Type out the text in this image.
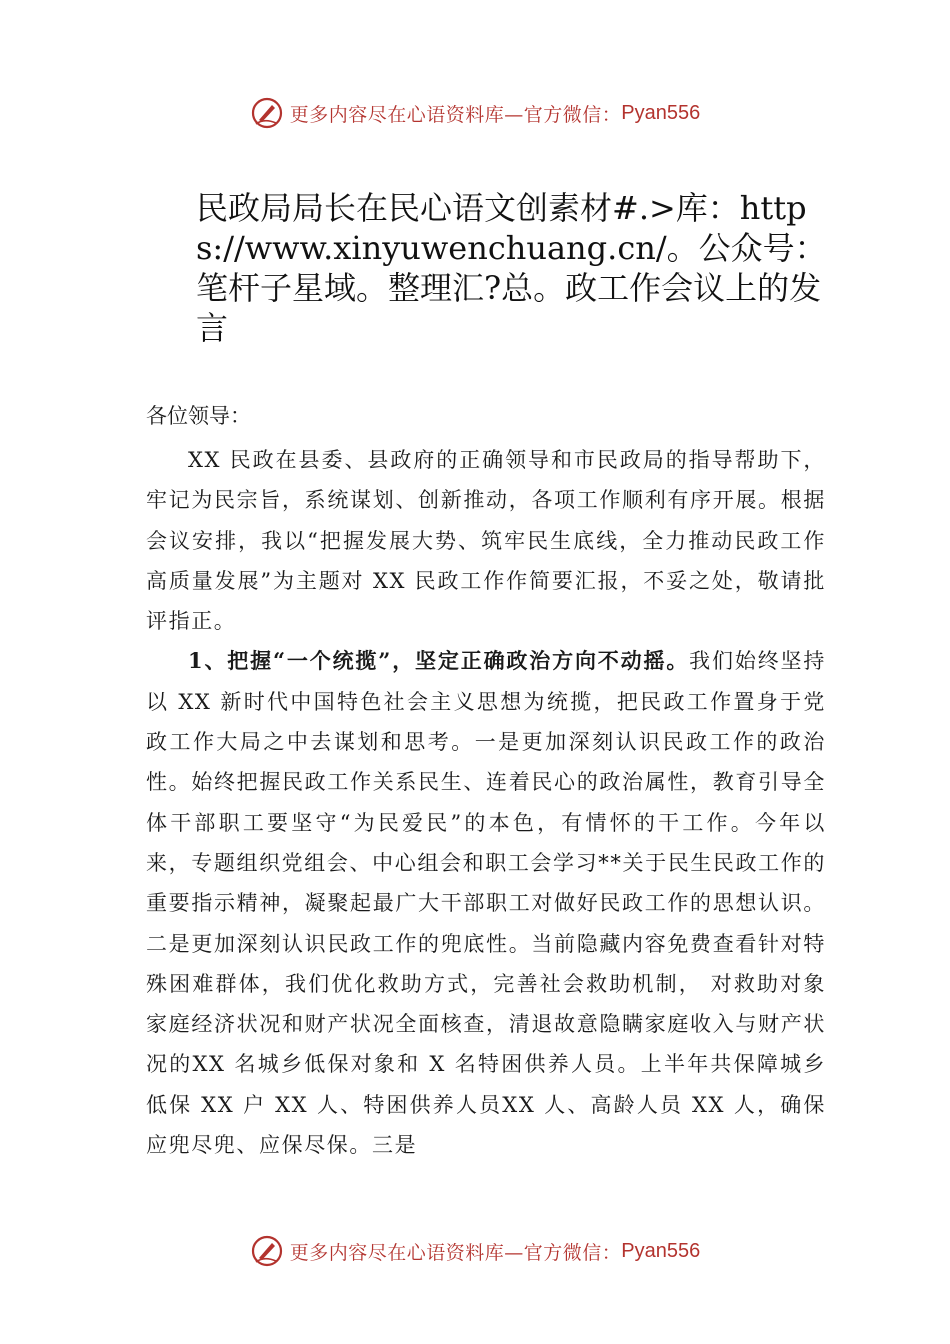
更多内容尽在心语资料库—官方微信： Pyan556
民政局局长在民心语文创素材#.>库：https://www.xinyuwenchuang.cn/。公众号：笔杆子星域。整理汇?总。政工作会议上的发言

各位领导：

XX 民政在县委、县政府的正确领导和市民政局的指导帮助下，牢记为民宗旨，系统谋划、创新推动，各项工作顺利有序开展。根据会议安排，我以“把握发展大势、筑牢民生底线，全力推动民政工作高质量发展”为主题对 XX 民政工作作简要汇报，不妥之处，敬请批评指正。

1、把握“一个统揽”，坚定正确政治方向不动摇。我们始终坚持以 XX 新时代中国特色社会主义思想为统揽，把民政工作置身于党政工作大局之中去谋划和思考。一是更加深刻认识民政工作的政治性。始终把握民政工作关系民生、连着民心的政治属性，教育引导全体干部职工要坚守“为民爱民”的本色，有情怀的干工作。今年以来，专题组织党组会、中心组会和职工会学习**关于民生民政工作的重要指示精神，凝聚起最广大干部职工对做好民政工作的思想认识。二是更加深刻认识民政工作的兜底性。当前隐藏内容免费查看针对特殊困难群体，我们优化救助方式，完善社会救助机制， 对救助对象家庭经济状况和财产状况全面核查，清退故意隐瞒家庭收入与财产状况的XX 名城乡低保对象和 X 名特困供养人员。上半年共保障城乡低保 XX 户 XX 人、特困供养人员XX 人、高龄人员 XX 人，确保应兜尽兜、应保尽保。三是

更多内容尽在心语资料库—官方微信： Pyan556
